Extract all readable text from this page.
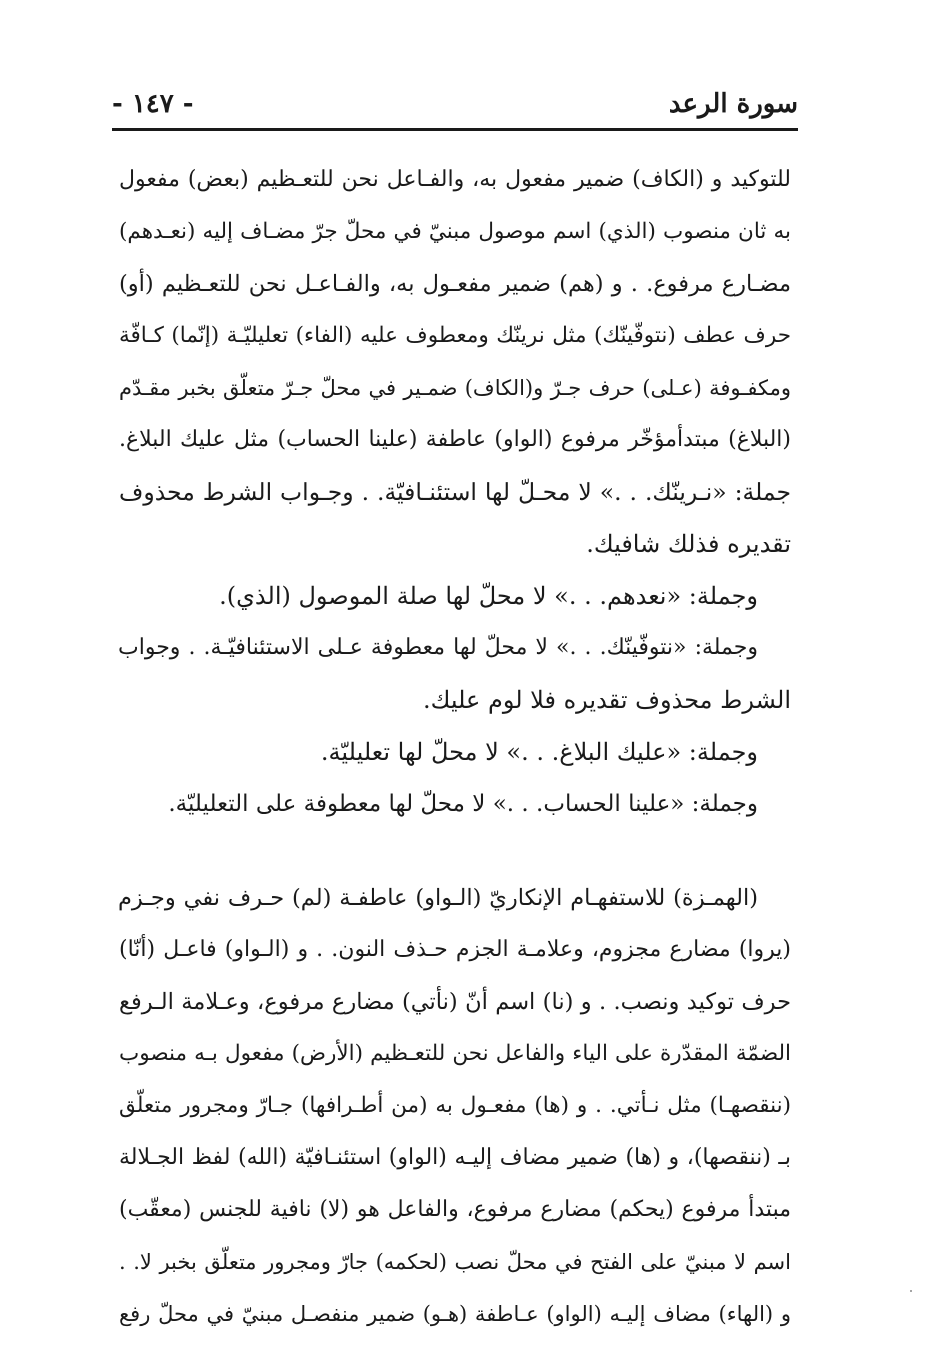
سورة الرعد
- ١٤٧ -
للتوكيد و (الكاف) ضمير مفعول به، والفـاعل نحن للتعـظيم (بعض) مفعول
به ثان منصوب (الذي) اسم موصول مبنيّ في محلّ جرّ مضـاف إليه (نعـدهم)
مضـارع مرفوع. . و (هم) ضمير مفعـول به، والفـاعـل نحن للتعـظيم (أو)
حرف عطف (نتوفّينّك) مثل نرينّك ومعطوف عليه (الفاء) تعليليّـة (إنّما) كـافّة
ومكفـوفة (عـلى) حرف جـرّ و(الكاف) ضمـير في محلّ جـرّ متعلّق بخبر مقـدّم
(البلاغ) مبتدأمؤخّر مرفوع (الواو) عاطفة (علينا الحساب) مثل عليك البلاغ.
جملة: «نـرينّك. . .» لا محـلّ لها استئنـافيّة. . وجـواب الشرط محذوف
تقديره فذلك شافيك.
وجملة: «نعدهم. . .» لا محلّ لها صلة الموصول (الذي).
وجملة: «نتوفّينّك. . .» لا محلّ لها معطوفة عـلى الاستئنافيّـة. . وجواب
الشرط محذوف تقديره فلا لوم عليك.
وجملة: «عليك البلاغ. . .» لا محلّ لها تعليليّة.
وجملة: «علينا الحساب. . .» لا محلّ لها معطوفة على التعليليّة.
(الهمـزة) للاستفهـام الإنكاريّ (الـواو) عاطفـة (لم) حـرف نفي وجـزم
(يروا) مضارع مجزوم، وعلامـة الجزم حـذف النون. . و (الـواو) فاعـل (أنّا)
حرف توكيد ونصب. . و (نا) اسم أنّ (نأتي) مضارع مرفوع، وعـلامة الـرفع
الضمّة المقدّرة على الياء والفاعل نحن للتعـظيم (الأرض) مفعول بـه منصوب
(ننقصهـا) مثل نـأتي. . و (ها) مفعـول به (من أطـرافها) جـارّ ومجرور متعلّق
بـ (ننقصها)، و (ها) ضمير مضاف إليـه (الواو) استئنـافيّة (الله) لفظ الجـلالة
مبتدأ مرفوع (يحكم) مضارع مرفوع، والفاعل هو (لا) نافية للجنس (معقّب)
اسم لا مبنيّ على الفتح في محلّ نصب (لحكمه) جارّ ومجرور متعلّق بخبر لا. .
و (الهاء) مضاف إليـه (الواو) عـاطفة (هـو) ضمير منفصـل مبنيّ في محلّ رفع
